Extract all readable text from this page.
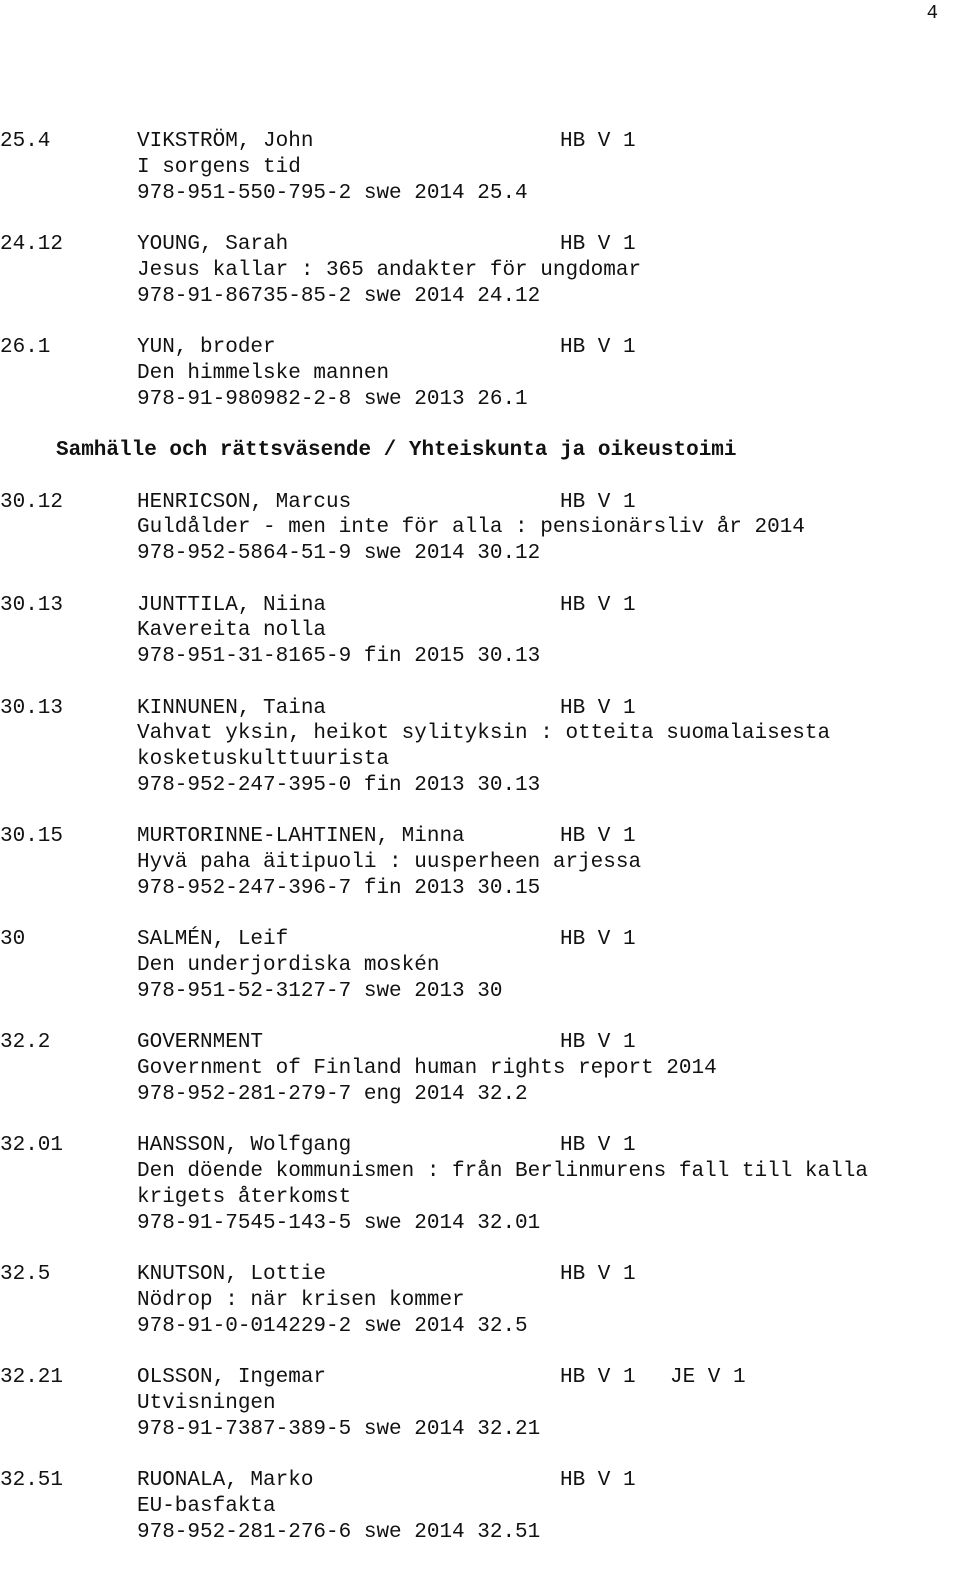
4
25.4	VIKSTRÖM, John	HB V 1
I sorgens tid
978-951-550-795-2 swe 2014 25.4
24.12	YOUNG, Sarah	HB V 1
Jesus kallar : 365 andakter för ungdomar
978-91-86735-85-2 swe 2014 24.12
26.1	YUN, broder	HB V 1
Den himmelske mannen
978-91-980982-2-8 swe 2013 26.1
Samhälle och rättsväsende / Yhteiskunta ja oikeustoimi
30.12	HENRICSON, Marcus	HB V 1
Guldålder - men inte för alla : pensionärsliv år 2014
978-952-5864-51-9 swe 2014 30.12
30.13	JUNTTILA, Niina	HB V 1
Kavereita nolla
978-951-31-8165-9 fin 2015 30.13
30.13	KINNUNEN, Taina	HB V 1
Vahvat yksin, heikot sylityksin : otteita suomalaisesta
kosketuskulttuurista
978-952-247-395-0 fin 2013 30.13
30.15	MURTORINNE-LAHTINEN, Minna	HB V 1
Hyvä paha äitipuoli : uusperheen arjessa
978-952-247-396-7 fin 2013 30.15
30	SALMÉN, Leif	HB V 1
Den underjordiska moskén
978-951-52-3127-7 swe 2013 30
32.2	GOVERNMENT	HB V 1
Government of Finland human rights report 2014
978-952-281-279-7 eng 2014 32.2
32.01	HANSSON, Wolfgang	HB V 1
Den döende kommunismen : från Berlinmurens fall till kalla
krigets återkomst
978-91-7545-143-5 swe 2014 32.01
32.5	KNUTSON, Lottie	HB V 1
Nödrop : när krisen kommer
978-91-0-014229-2 swe 2014 32.5
32.21	OLSSON, Ingemar	HB V 1 JE V 1
Utvisningen
978-91-7387-389-5 swe 2014 32.21
32.51	RUONALA, Marko	HB V 1
EU-basfakta
978-952-281-276-6 swe 2014 32.51
